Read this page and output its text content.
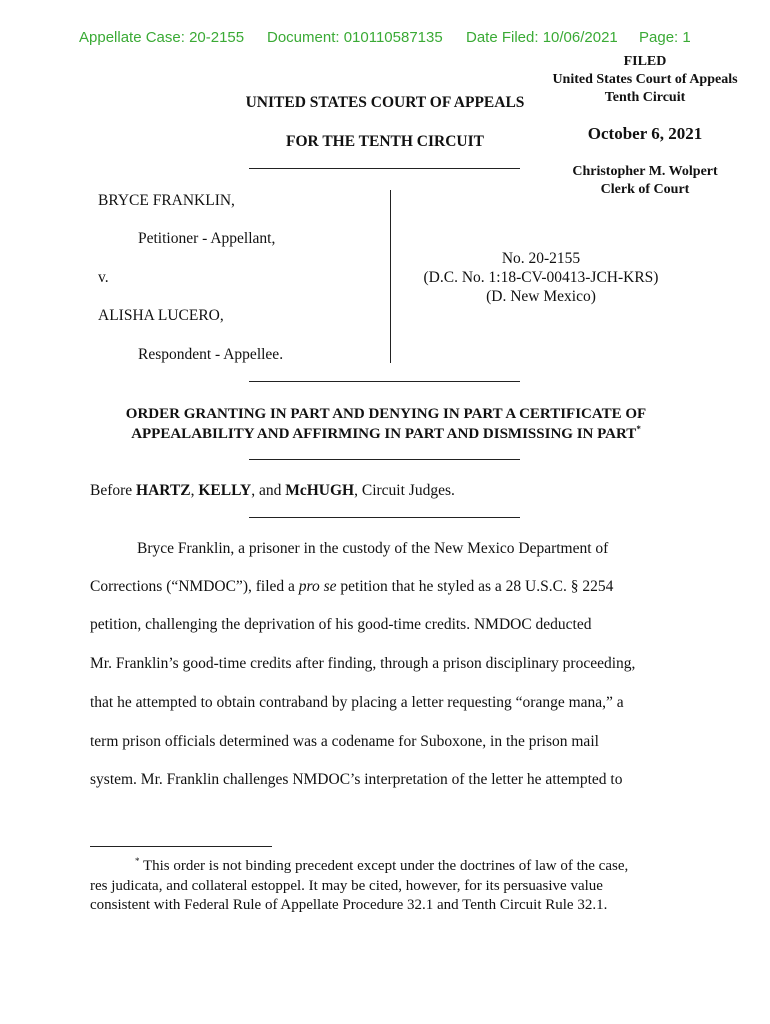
Appellate Case: 20-2155 Document: 010110587135 Date Filed: 10/06/2021 Page: 1
FILED
United States Court of Appeals
Tenth Circuit
October 6, 2021
Christopher M. Wolpert
Clerk of Court
UNITED STATES COURT OF APPEALS
FOR THE TENTH CIRCUIT
BRYCE FRANKLIN,
Petitioner - Appellant,
v.
ALISHA LUCERO,
Respondent - Appellee.
No. 20-2155
(D.C. No. 1:18-CV-00413-JCH-KRS)
(D. New Mexico)
ORDER GRANTING IN PART AND DENYING IN PART A CERTIFICATE OF
APPEALABILITY AND AFFIRMING IN PART AND DISMISSING IN PART*
Before HARTZ, KELLY, and McHUGH, Circuit Judges.
Bryce Franklin, a prisoner in the custody of the New Mexico Department of
Corrections (“NMDOC”), filed a pro se petition that he styled as a 28 U.S.C. § 2254
petition, challenging the deprivation of his good-time credits. NMDOC deducted
Mr. Franklin’s good-time credits after finding, through a prison disciplinary proceeding,
that he attempted to obtain contraband by placing a letter requesting “orange mana,” a
term prison officials determined was a codename for Suboxone, in the prison mail
system. Mr. Franklin challenges NMDOC’s interpretation of the letter he attempted to
* This order is not binding precedent except under the doctrines of law of the case,
res judicata, and collateral estoppel. It may be cited, however, for its persuasive value
consistent with Federal Rule of Appellate Procedure 32.1 and Tenth Circuit Rule 32.1.
